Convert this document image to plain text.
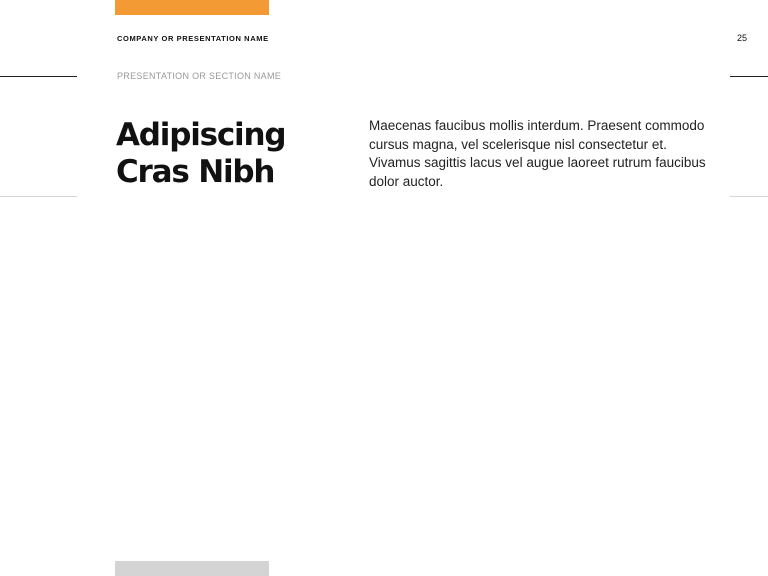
COMPANY OR PRESENTATION NAME	25
PRESENTATION OR SECTION NAME
Adipiscing
Cras Nibh

Maecenas faucibus mollis interdum. Praesent commodo cursus magna, vel scelerisque nisl consectetur et. Vivamus sagittis lacus vel augue laoreet rutrum faucibus dolor auctor.
